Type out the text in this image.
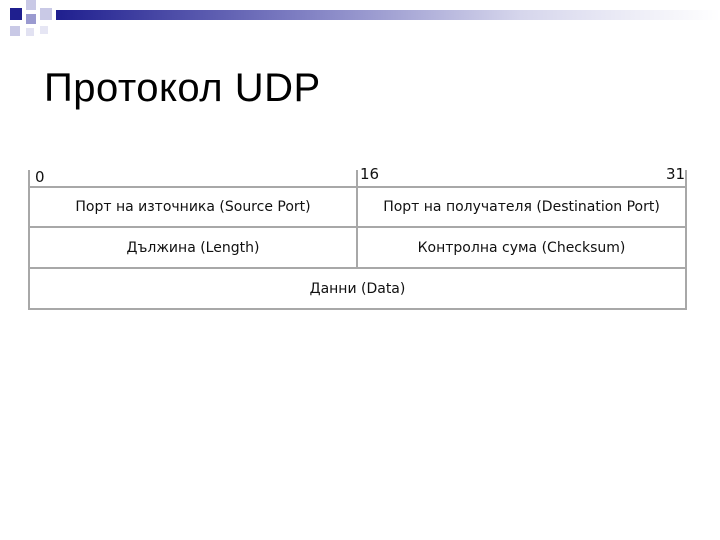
Протокол UDP
0	16	31
Порт на източника (Source Port)	Порт на получателя (Destination Port)
Дължина (Length)	Контролна сума (Checksum)
Данни (Data)
